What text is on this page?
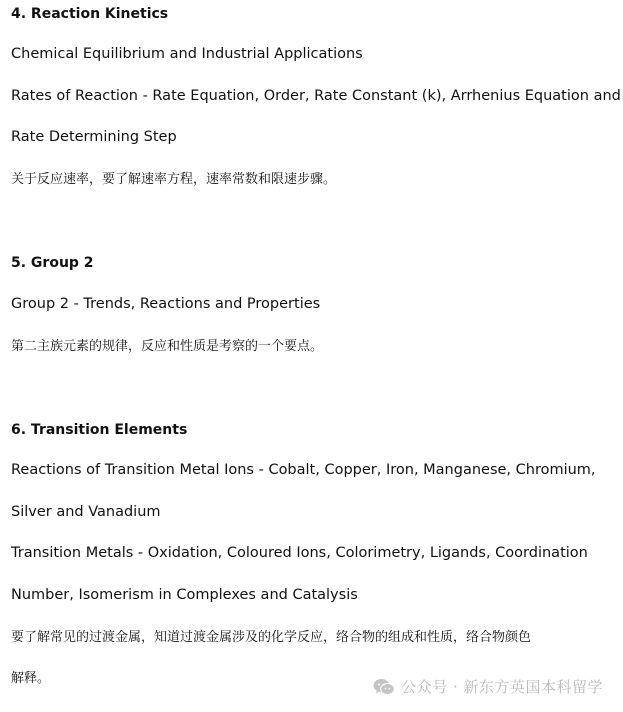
4. Reaction Kinetics
Chemical Equilibrium and Industrial Applications
Rates of Reaction - Rate Equation, Order, Rate Constant (k), Arrhenius Equation and
Rate Determining Step
关于反应速率，要了解速率方程，速率常数和限速步骤。
5. Group 2
Group 2 - Trends, Reactions and Properties
第二主族元素的规律，反应和性质是考察的一个要点。
6. Transition Elements
Reactions of Transition Metal Ions - Cobalt, Copper, Iron, Manganese, Chromium,
Silver and Vanadium
Transition Metals - Oxidation, Coloured Ions, Colorimetry, Ligands, Coordination
Number, Isomerism in Complexes and Catalysis
要了解常见的过渡金属，知道过渡金属涉及的化学反应，络合物的组成和性质，络合物颜色
解释。	公众号 · 新东方英国本科留学
